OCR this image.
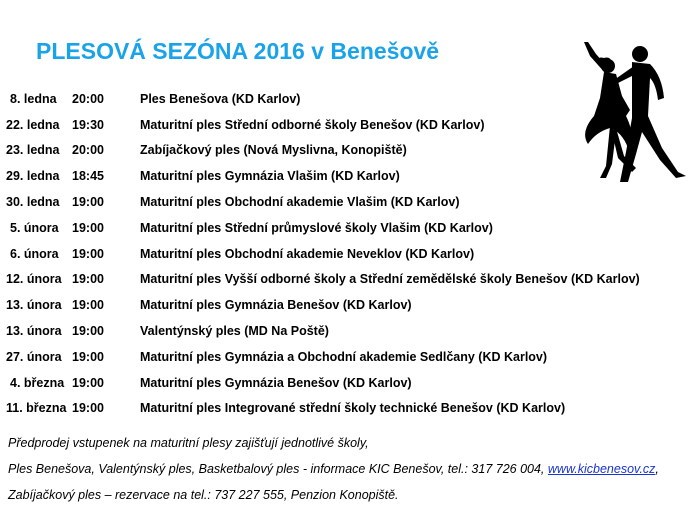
PLESOVÁ SEZÓNA 2016 v Benešově
8. ledna	20:00	Ples Benešova (KD Karlov)
22. ledna	19:30	Maturitní ples Střední odborné školy Benešov (KD Karlov)
23. ledna	20:00	Zabíjačkový ples (Nová Myslivna, Konopiště)
29. ledna	18:45	Maturitní ples Gymnázia Vlašim (KD Karlov)
30. ledna	19:00	Maturitní ples Obchodní akademie Vlašim (KD Karlov)
5. února	19:00	Maturitní ples Střední průmyslové školy Vlašim (KD Karlov)
6. února	19:00	Maturitní ples Obchodní akademie Neveklov (KD Karlov)
12. února 19:00	Maturitní ples Vyšší odborné školy a Střední zemědělské školy Benešov (KD Karlov)
13. února 19:00	Maturitní ples Gymnázia Benešov (KD Karlov)
13. února 19:00	Valentýnský ples (MD Na Poště)
27. února 19:00	Maturitní ples Gymnázia a Obchodní akademie Sedlčany (KD Karlov)
4. března 19:00	Maturitní ples Gymnázia Benešov (KD Karlov)
11. března 19:00	Maturitní ples Integrované střední školy technické Benešov (KD Karlov)
Předprodej vstupenek na maturitní plesy zajišťují jednotlivé školy,
Ples Benešova, Valentýnský ples, Basketbalový ples - informace KIC Benešov, tel.: 317 726 004, www.kicbenesov.cz,
Zabíjačkový ples – rezervace na tel.: 737 227 555, Penzion Konopiště.
